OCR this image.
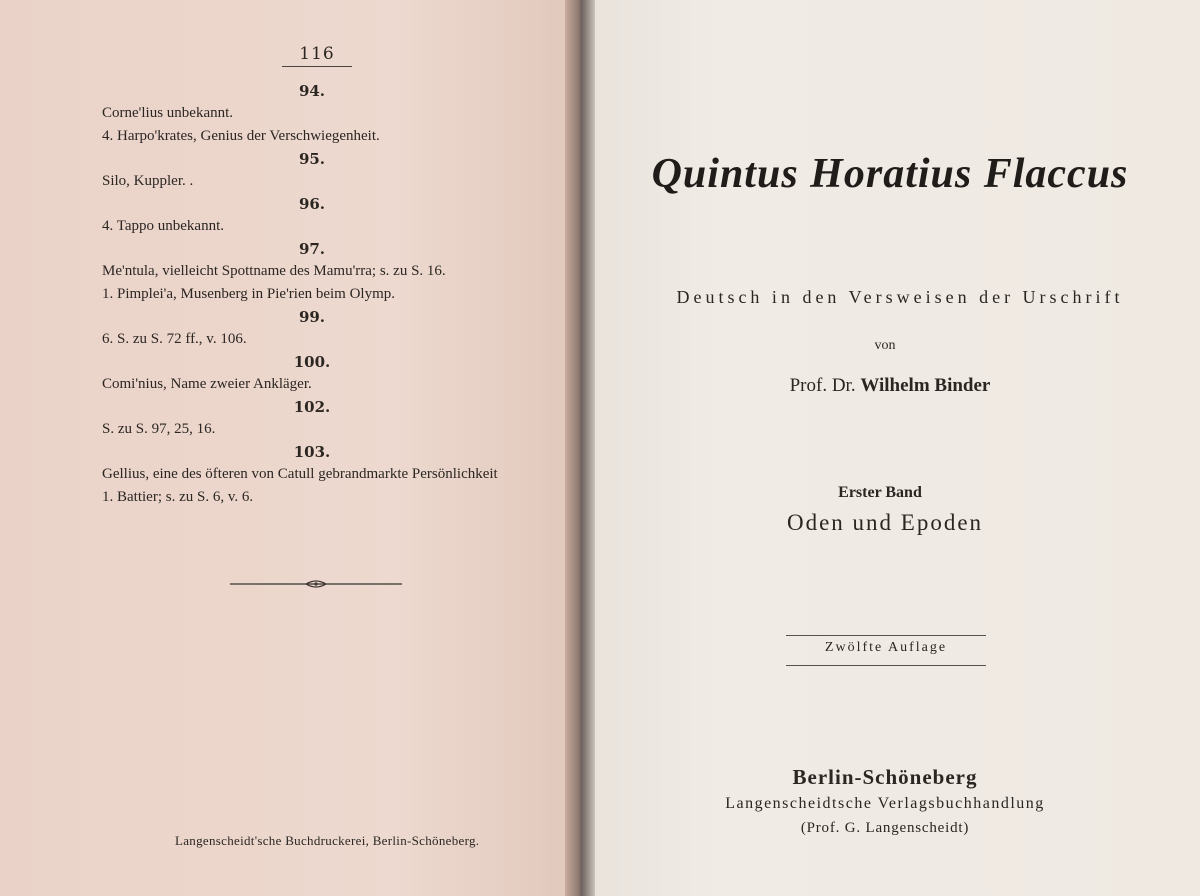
116
94.
Corne'lius unbekannt.
4. Harpo'krates, Genius der Verschwiegenheit.
95.
Silo, Kuppler. .
96.
4. Tappo unbekannt.
97.
Me'ntula, vielleicht Spottname des Mamu'rra; s. zu S. 16.
1. Pimplei'a, Musenberg in Pie'rien beim Olymp.
99.
6. S. zu S. 72 ff., v. 106.
100.
Comi'nius, Name zweier Ankläger.
102.
S. zu S. 97, 25, 16.
103.
Gellius, eine des öfteren von Catull gebrandmarkte Persönlichkeit
1. Battier; s. zu S. 6, v. 6.
Langenscheidt'sche Buchdruckerei, Berlin-Schöneberg.
Quintus Horatius Flaccus
Deutsch in den Versweisen der Urschrift
von
Prof. Dr. Wilhelm Binder
Erster Band
Oden und Epoden
Zwölfte Auflage
Berlin-Schöneberg
Langenscheidtsche Verlagsbuchhandlung
(Prof. G. Langenscheidt)
